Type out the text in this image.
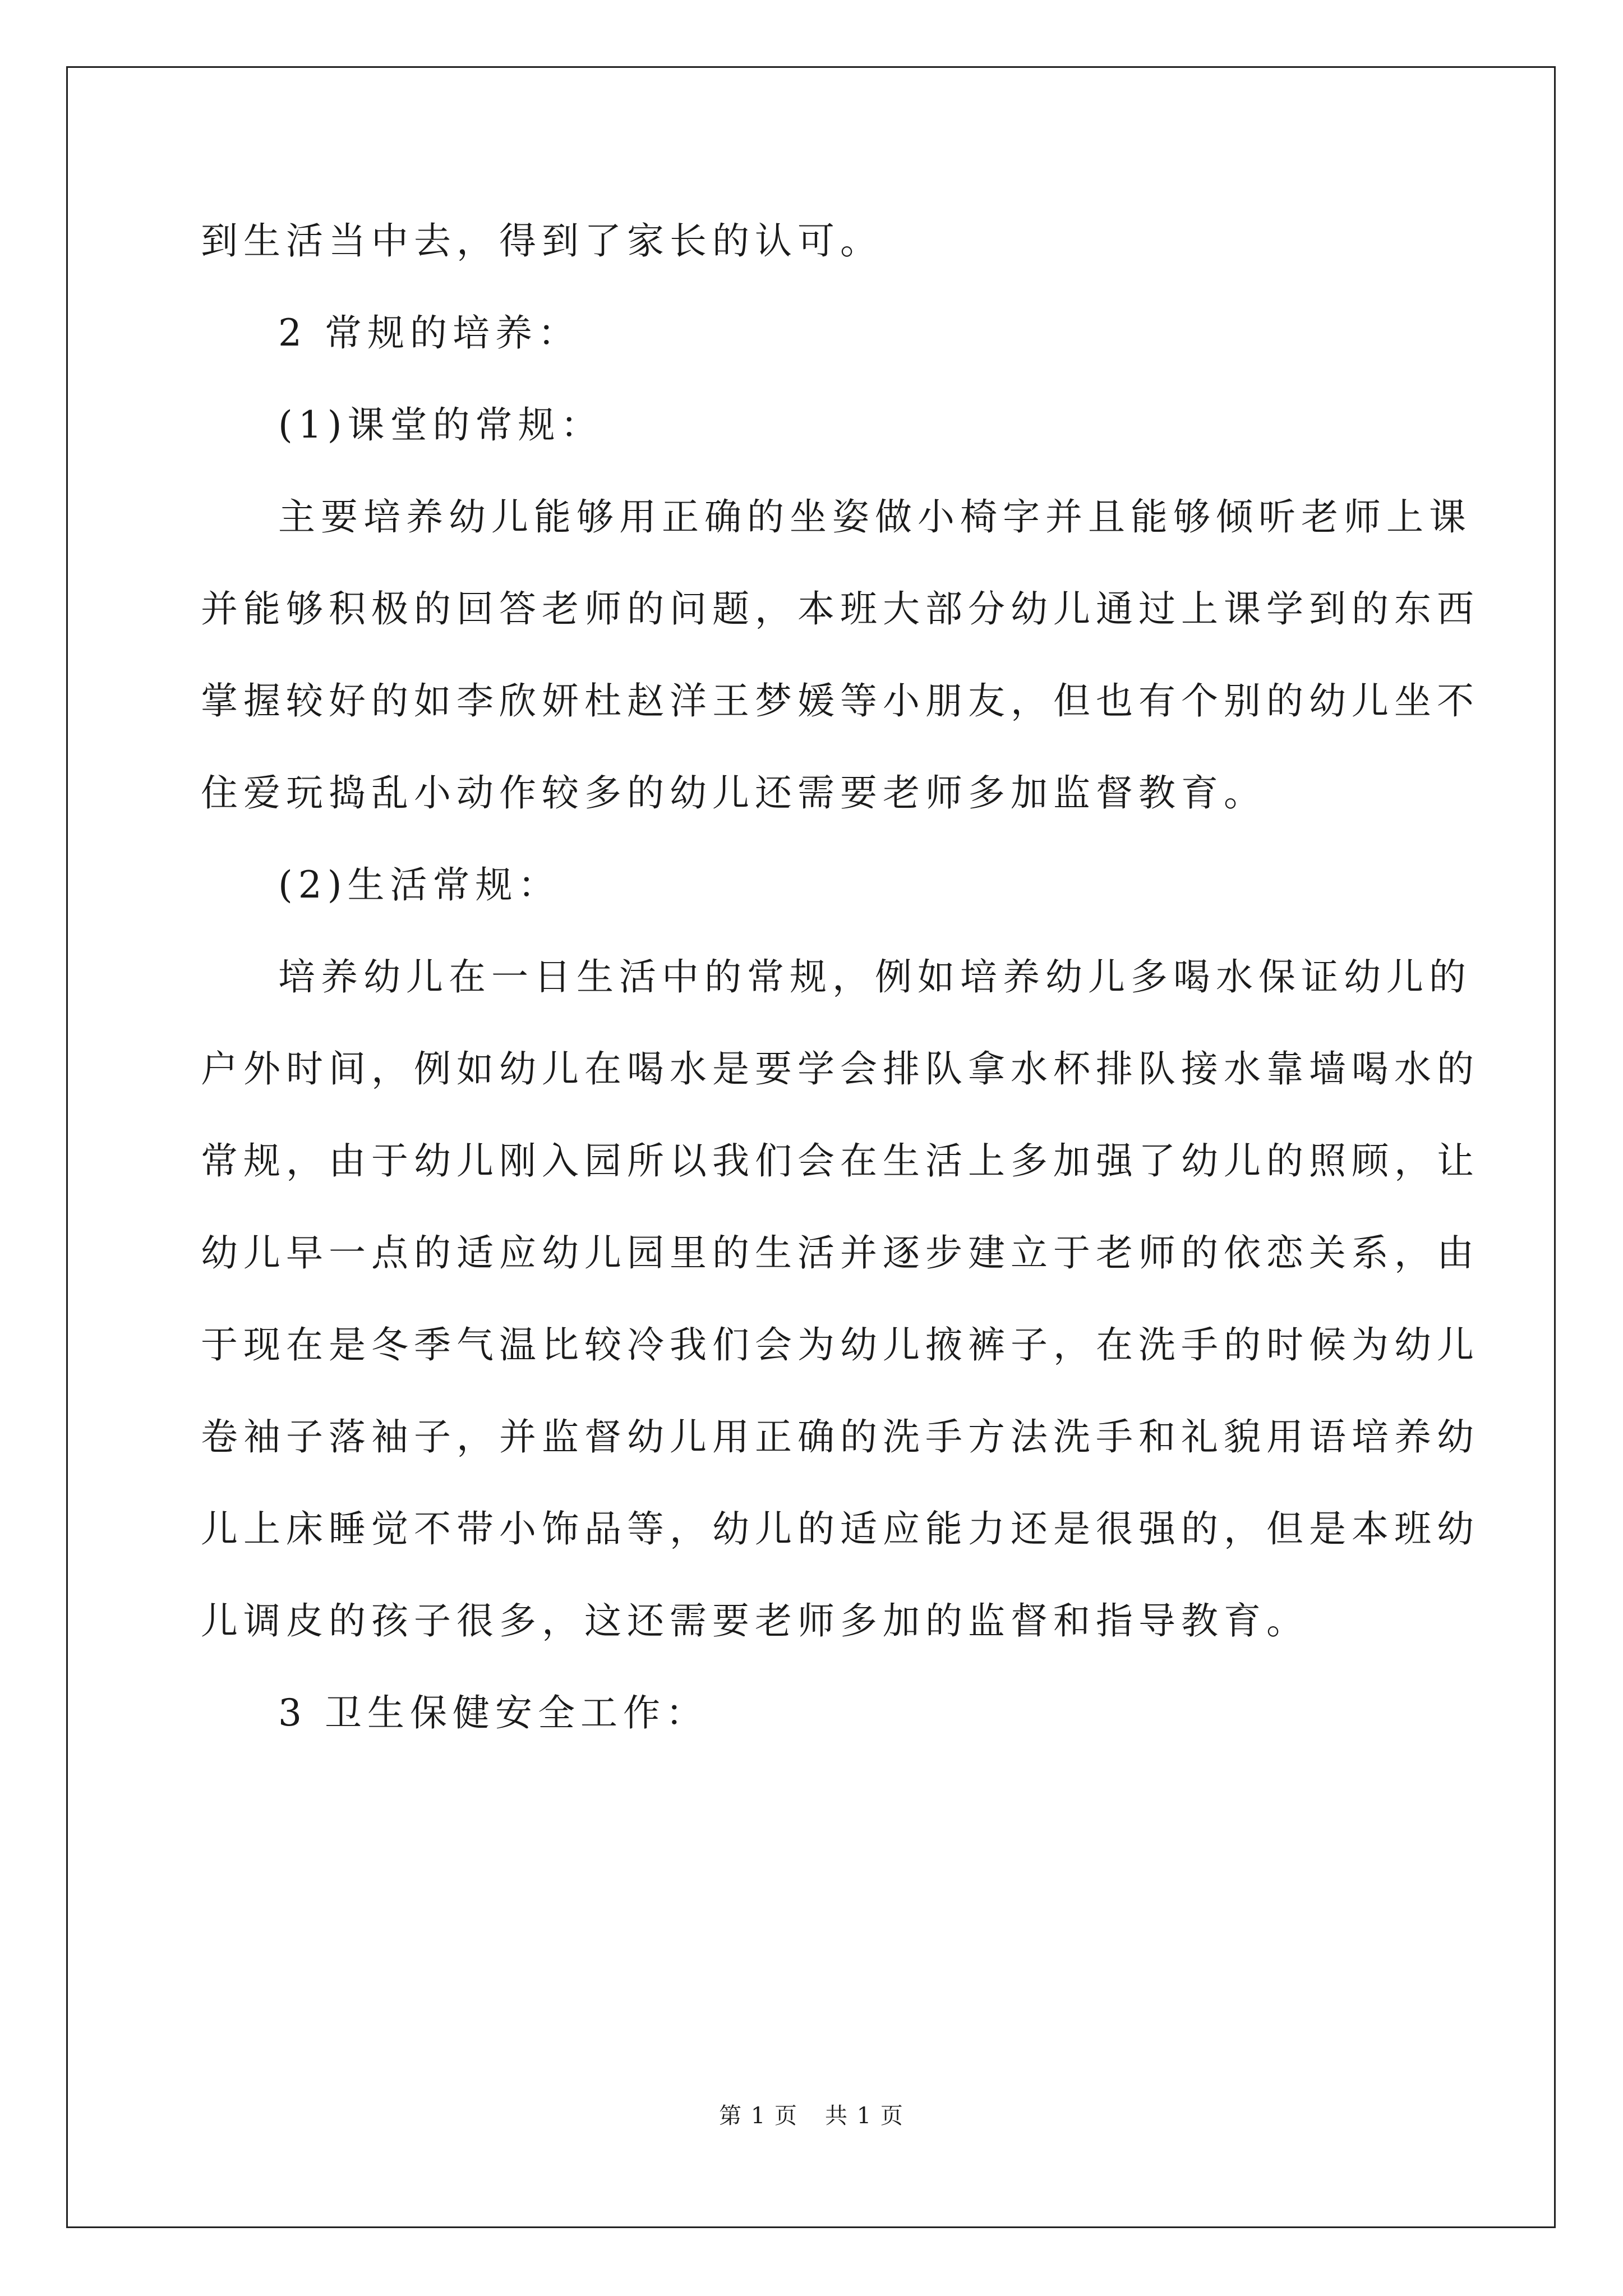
到生活当中去，得到了家长的认可。

2 常规的培养：

(1)课堂的常规：

主要培养幼儿能够用正确的坐姿做小椅字并且能够倾听老师上课

并能够积极的回答老师的问题，本班大部分幼儿通过上课学到的东西

掌握较好的如李欣妍杜赵洋王梦媛等小朋友，但也有个别的幼儿坐不

住爱玩捣乱小动作较多的幼儿还需要老师多加监督教育。

(2)生活常规：

培养幼儿在一日生活中的常规，例如培养幼儿多喝水保证幼儿的

户外时间，例如幼儿在喝水是要学会排队拿水杯排队接水靠墙喝水的

常规，由于幼儿刚入园所以我们会在生活上多加强了幼儿的照顾，让

幼儿早一点的适应幼儿园里的生活并逐步建立于老师的依恋关系，由

于现在是冬季气温比较冷我们会为幼儿掖裤子，在洗手的时候为幼儿

卷袖子落袖子，并监督幼儿用正确的洗手方法洗手和礼貌用语培养幼

儿上床睡觉不带小饰品等，幼儿的适应能力还是很强的，但是本班幼

儿调皮的孩子很多，这还需要老师多加的监督和指导教育。

3 卫生保健安全工作：

第 1 页 共 1 页
